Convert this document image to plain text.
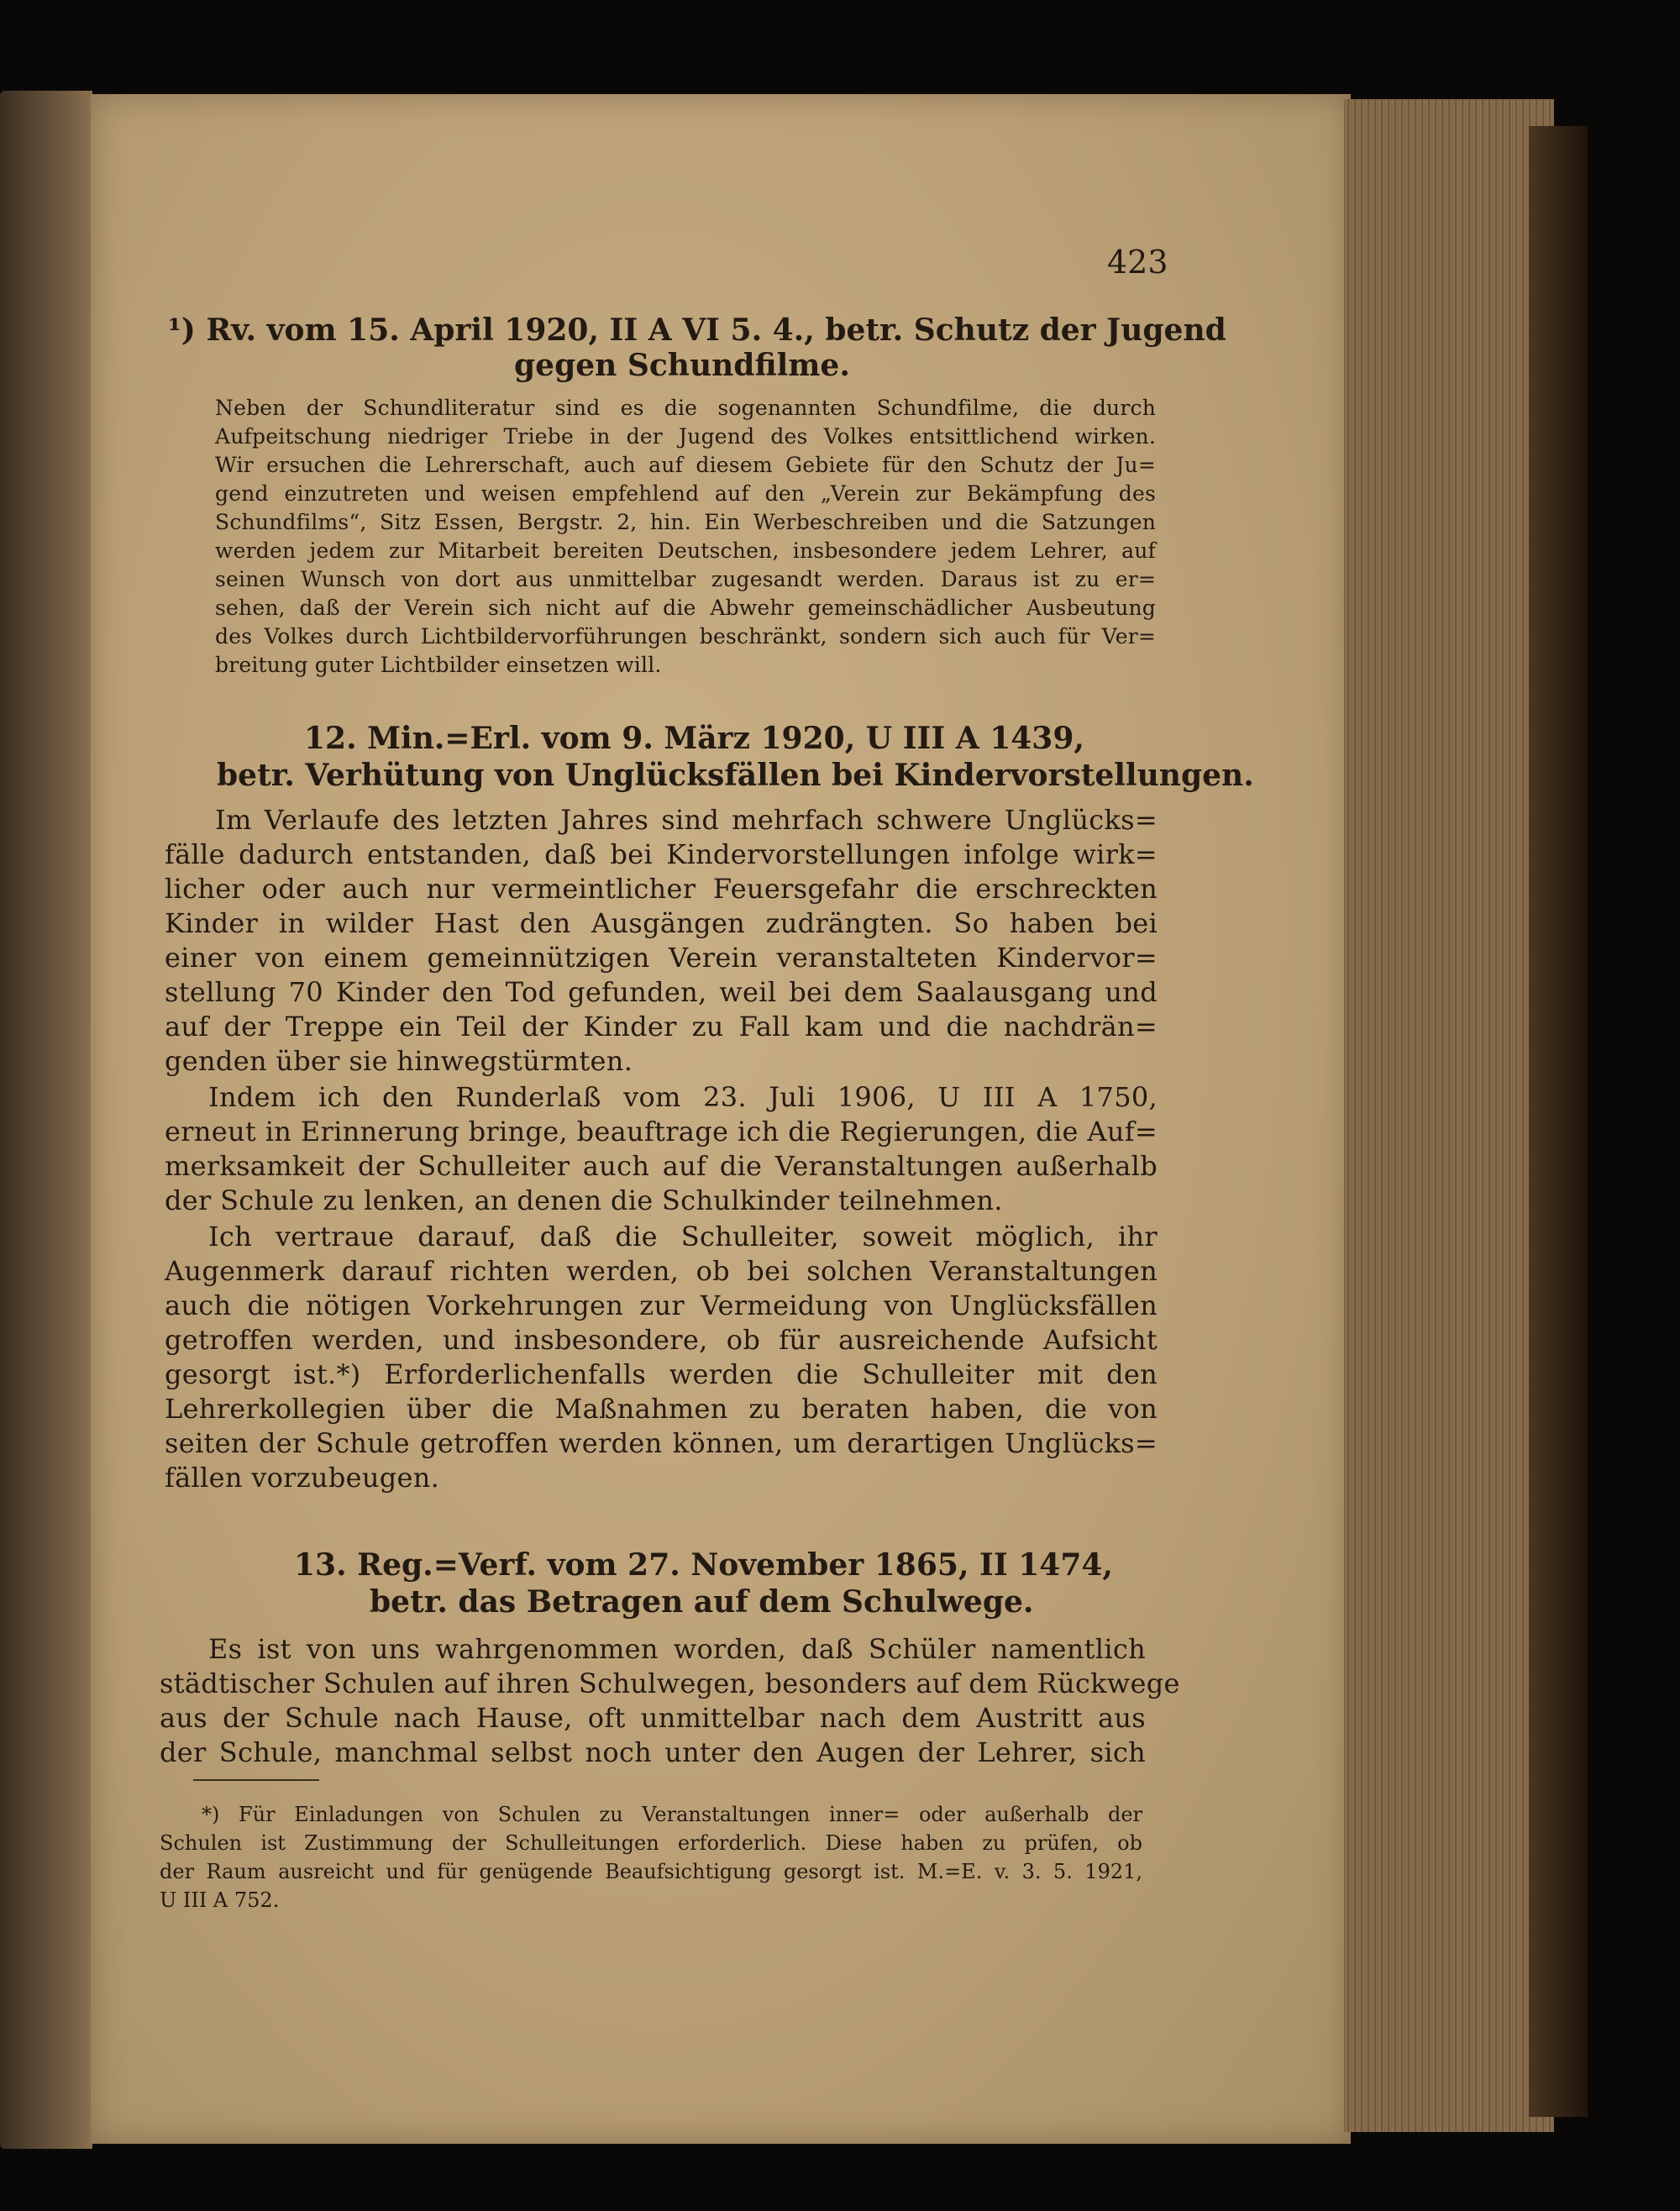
423
¹) Rv. vom 15. April 1920, II A VI 5. 4., betr. Schutz der Jugend
gegen Schundfilme.
Neben der Schundliteratur sind es die sogenannten Schundfilme, die durch
Aufpeitschung niedriger Triebe in der Jugend des Volkes entsittlichend wirken.
Wir ersuchen die Lehrerschaft, auch auf diesem Gebiete für den Schutz der Ju=
gend einzutreten und weisen empfehlend auf den „Verein zur Bekämpfung des
Schundfilms“, Sitz Essen, Bergstr. 2, hin. Ein Werbeschreiben und die Satzungen
werden jedem zur Mitarbeit bereiten Deutschen, insbesondere jedem Lehrer, auf
seinen Wunsch von dort aus unmittelbar zugesandt werden. Daraus ist zu er=
sehen, daß der Verein sich nicht auf die Abwehr gemeinschädlicher Ausbeutung
des Volkes durch Lichtbildervorführungen beschränkt, sondern sich auch für Ver=
breitung guter Lichtbilder einsetzen will.
12. Min.=Erl. vom 9. März 1920, U III A 1439,
betr. Verhütung von Unglücksfällen bei Kindervorstellungen.
Im Verlaufe des letzten Jahres sind mehrfach schwere Unglücks=
fälle dadurch entstanden, daß bei Kindervorstellungen infolge wirk=
licher oder auch nur vermeintlicher Feuersgefahr die erschreckten
Kinder in wilder Hast den Ausgängen zudrängten. So haben bei
einer von einem gemeinnützigen Verein veranstalteten Kindervor=
stellung 70 Kinder den Tod gefunden, weil bei dem Saalausgang und
auf der Treppe ein Teil der Kinder zu Fall kam und die nachdrän=
genden über sie hinwegstürmten.
Indem ich den Runderlaß vom 23. Juli 1906, U III A 1750,
erneut in Erinnerung bringe, beauftrage ich die Regierungen, die Auf=
merksamkeit der Schulleiter auch auf die Veranstaltungen außerhalb
der Schule zu lenken, an denen die Schulkinder teilnehmen.
Ich vertraue darauf, daß die Schulleiter, soweit möglich, ihr
Augenmerk darauf richten werden, ob bei solchen Veranstaltungen
auch die nötigen Vorkehrungen zur Vermeidung von Unglücksfällen
getroffen werden, und insbesondere, ob für ausreichende Aufsicht
gesorgt ist.*) Erforderlichenfalls werden die Schulleiter mit den
Lehrerkollegien über die Maßnahmen zu beraten haben, die von
seiten der Schule getroffen werden können, um derartigen Unglücks=
fällen vorzubeugen.
13. Reg.=Verf. vom 27. November 1865, II 1474,
betr. das Betragen auf dem Schulwege.
Es ist von uns wahrgenommen worden, daß Schüler namentlich
städtischer Schulen auf ihren Schulwegen, besonders auf dem Rückwege
aus der Schule nach Hause, oft unmittelbar nach dem Austritt aus
der Schule, manchmal selbst noch unter den Augen der Lehrer, sich
*) Für Einladungen von Schulen zu Veranstaltungen inner= oder außerhalb der
Schulen ist Zustimmung der Schulleitungen erforderlich. Diese haben zu prüfen, ob
der Raum ausreicht und für genügende Beaufsichtigung gesorgt ist. M.=E. v. 3. 5. 1921,
U III A 752.
